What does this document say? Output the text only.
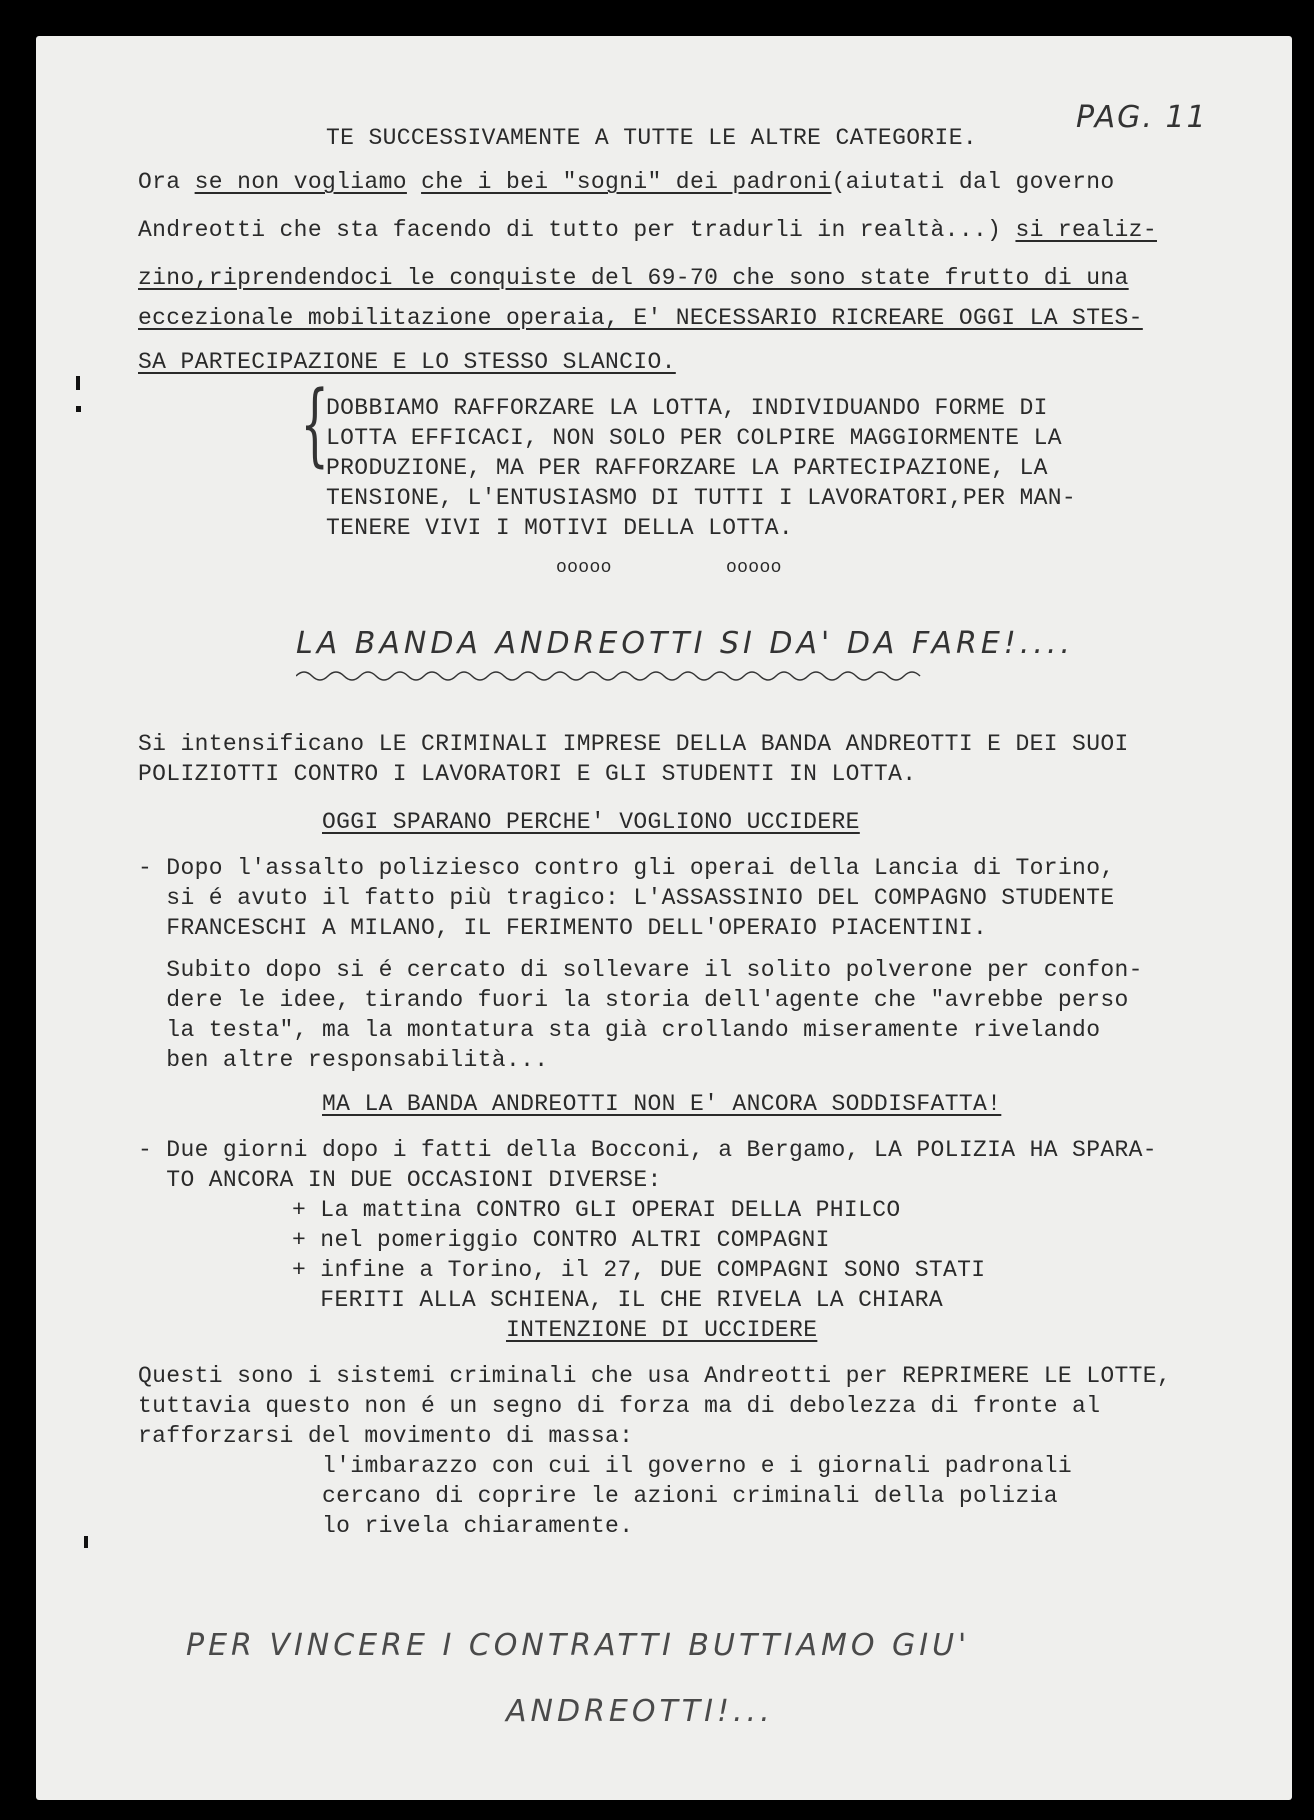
PAG. 11
TE SUCCESSIVAMENTE A TUTTE LE ALTRE CATEGORIE.
Ora se non vogliamo che i bei "sogni" dei padroni(aiutati dal governo
Andreotti che sta facendo di tutto per tradurli in realtà...) si realiz-
zino,riprendendoci le conquiste del 69-70 che sono state frutto di una
eccezionale mobilitazione operaia, E' NECESSARIO RICREARE OGGI LA STES-
SA PARTECIPAZIONE E LO STESSO SLANCIO.
{
DOBBIAMO RAFFORZARE LA LOTTA, INDIVIDUANDO FORME DI
LOTTA EFFICACI, NON SOLO PER COLPIRE MAGGIORMENTE LA
PRODUZIONE, MA PER RAFFORZARE LA PARTECIPAZIONE, LA
TENSIONE, L'ENTUSIASMO DI TUTTI I LAVORATORI,PER MAN-
TENERE VIVI I MOTIVI DELLA LOTTA.
ooooo	ooooo
LA BANDA ANDREOTTI SI DA' DA FARE!....
Si intensificano LE CRIMINALI IMPRESE DELLA BANDA ANDREOTTI E DEI SUOI
POLIZIOTTI CONTRO I LAVORATORI E GLI STUDENTI IN LOTTA.
OGGI SPARANO PERCHE' VOGLIONO UCCIDERE
- Dopo l'assalto poliziesco contro gli operai della Lancia di Torino,
si é avuto il fatto più tragico: L'ASSASSINIO DEL COMPAGNO STUDENTE
FRANCESCHI A MILANO, IL FERIMENTO DELL'OPERAIO PIACENTINI.
Subito dopo si é cercato di sollevare il solito polverone per confon-
dere le idee, tirando fuori la storia dell'agente che "avrebbe perso
la testa", ma la montatura sta già crollando miseramente rivelando
ben altre responsabilità...
MA LA BANDA ANDREOTTI NON E' ANCORA SODDISFATTA!
- Due giorni dopo i fatti della Bocconi, a Bergamo, LA POLIZIA HA SPARA-
TO ANCORA IN DUE OCCASIONI DIVERSE:
+ La mattina CONTRO GLI OPERAI DELLA PHILCO
+ nel pomeriggio CONTRO ALTRI COMPAGNI
+ infine a Torino, il 27, DUE COMPAGNI SONO STATI
FERITI ALLA SCHIENA, IL CHE RIVELA LA CHIARA
INTENZIONE DI UCCIDERE
Questi sono i sistemi criminali che usa Andreotti per REPRIMERE LE LOTTE,
tuttavia questo non é un segno di forza ma di debolezza di fronte al
rafforzarsi del movimento di massa:
l'imbarazzo con cui il governo e i giornali padronali
cercano di coprire le azioni criminali della polizia
lo rivela chiaramente.
PER VINCERE I CONTRATTI BUTTIAMO GIU'
ANDREOTTI!...
